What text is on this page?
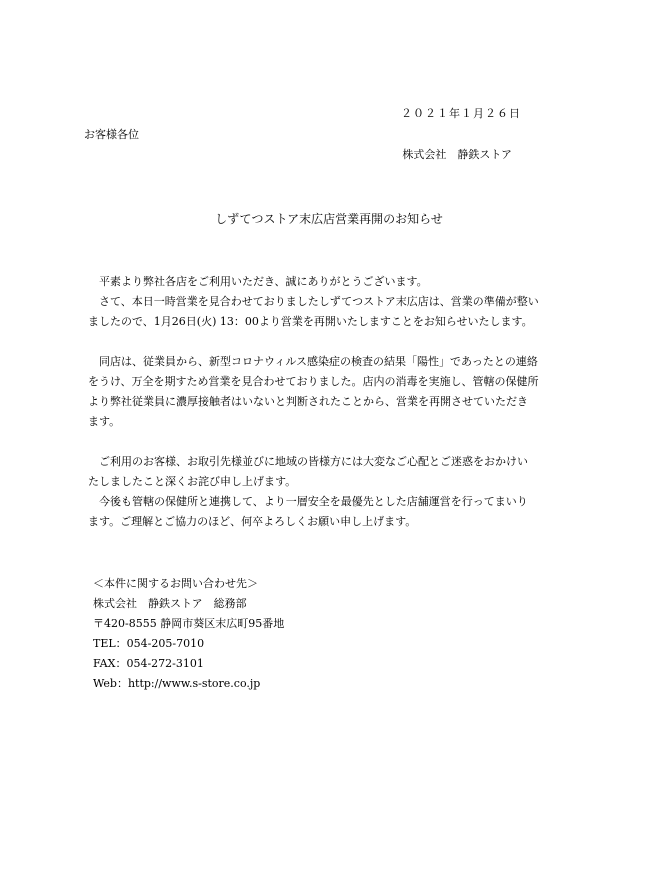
２０２１年１月２６日
お客様各位
株式会社　静鉄ストア
しずてつストア末広店営業再開のお知らせ
　平素より弊社各店をご利用いただき、誠にありがとうございます。
　さて、本日一時営業を見合わせておりましたしずてつストア末広店は、営業の準備が整い
ましたので、1月26日(火) 13：00より営業を再開いたしますことをお知らせいたします。
　同店は、従業員から、新型コロナウィルス感染症の検査の結果「陽性」であったとの連絡
をうけ、万全を期すため営業を見合わせておりました。店内の消毒を実施し、管轄の保健所
より弊社従業員に濃厚接触者はいないと判断されたことから、営業を再開させていただき
ます。
　ご利用のお客様、お取引先様並びに地域の皆様方には大変なご心配とご迷惑をおかけい
たしましたこと深くお詫び申し上げます。
　今後も管轄の保健所と連携して、より一層安全を最優先とした店舗運営を行ってまいり
ます。ご理解とご協力のほど、何卒よろしくお願い申し上げます。
＜本件に関するお問い合わせ先＞
株式会社　静鉄ストア　総務部
〒420-8555 静岡市葵区末広町95番地
TEL：054-205-7010
FAX：054-272-3101
Web：http://www.s-store.co.jp
